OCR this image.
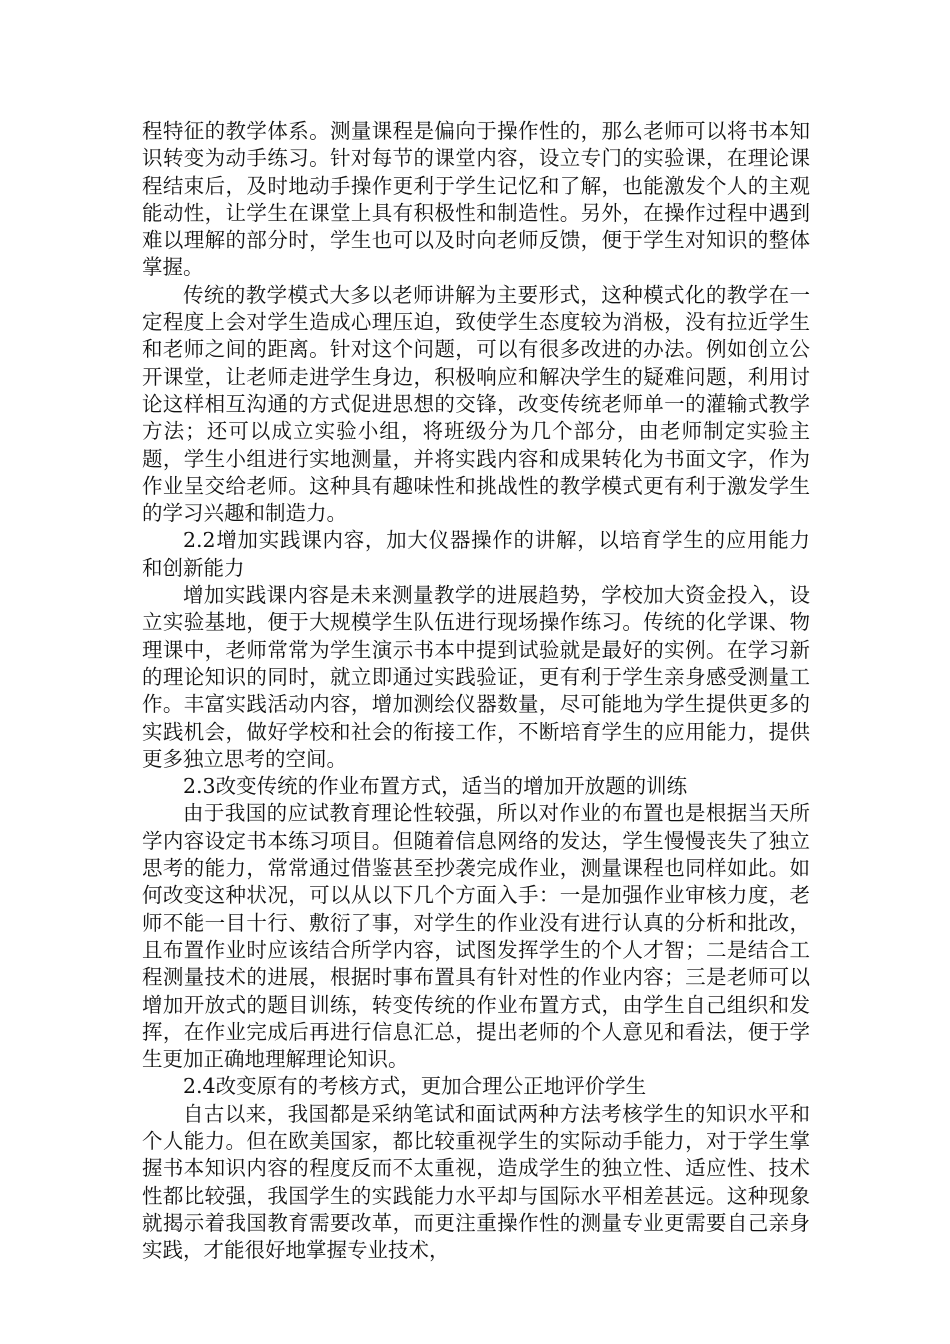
程特征的教学体系。测量课程是偏向于操作性的，那么老师可以将书本知识转变为动手练习。针对每节的课堂内容，设立专门的实验课，在理论课程结束后，及时地动手操作更利于学生记忆和了解，也能激发个人的主观能动性，让学生在课堂上具有积极性和制造性。另外，在操作过程中遇到难以理解的部分时，学生也可以及时向老师反馈，便于学生对知识的整体掌握。

传统的教学模式大多以老师讲解为主要形式，这种模式化的教学在一定程度上会对学生造成心理压迫，致使学生态度较为消极，没有拉近学生和老师之间的距离。针对这个问题，可以有很多改进的办法。例如创立公开课堂，让老师走进学生身边，积极响应和解决学生的疑难问题，利用讨论这样相互沟通的方式促进思想的交锋，改变传统老师单一的灌输式教学方法；还可以成立实验小组，将班级分为几个部分，由老师制定实验主题，学生小组进行实地测量，并将实践内容和成果转化为书面文字，作为作业呈交给老师。这种具有趣味性和挑战性的教学模式更有利于激发学生的学习兴趣和制造力。

2.2增加实践课内容，加大仪器操作的讲解，以培育学生的应用能力和创新能力

增加实践课内容是未来测量教学的进展趋势，学校加大资金投入，设立实验基地，便于大规模学生队伍进行现场操作练习。传统的化学课、物理课中，老师常常为学生演示书本中提到试验就是最好的实例。在学习新的理论知识的同时，就立即通过实践验证，更有利于学生亲身感受测量工作。丰富实践活动内容，增加测绘仪器数量，尽可能地为学生提供更多的实践机会，做好学校和社会的衔接工作，不断培育学生的应用能力，提供更多独立思考的空间。

2.3改变传统的作业布置方式，适当的增加开放题的训练

由于我国的应试教育理论性较强，所以对作业的布置也是根据当天所学内容设定书本练习项目。但随着信息网络的发达，学生慢慢丧失了独立思考的能力，常常通过借鉴甚至抄袭完成作业，测量课程也同样如此。如何改变这种状况，可以从以下几个方面入手：一是加强作业审核力度，老师不能一目十行、敷衍了事，对学生的作业没有进行认真的分析和批改，且布置作业时应该结合所学内容，试图发挥学生的个人才智；二是结合工程测量技术的进展，根据时事布置具有针对性的作业内容；三是老师可以增加开放式的题目训练，转变传统的作业布置方式，由学生自己组织和发挥，在作业完成后再进行信息汇总，提出老师的个人意见和看法，便于学生更加正确地理解理论知识。

2.4改变原有的考核方式，更加合理公正地评价学生

自古以来，我国都是采纳笔试和面试两种方法考核学生的知识水平和个人能力。但在欧美国家，都比较重视学生的实际动手能力，对于学生掌握书本知识内容的程度反而不太重视，造成学生的独立性、适应性、技术性都比较强，我国学生的实践能力水平却与国际水平相差甚远。这种现象就揭示着我国教育需要改革，而更注重操作性的测量专业更需要自己亲身实践，才能很好地掌握专业技术，
